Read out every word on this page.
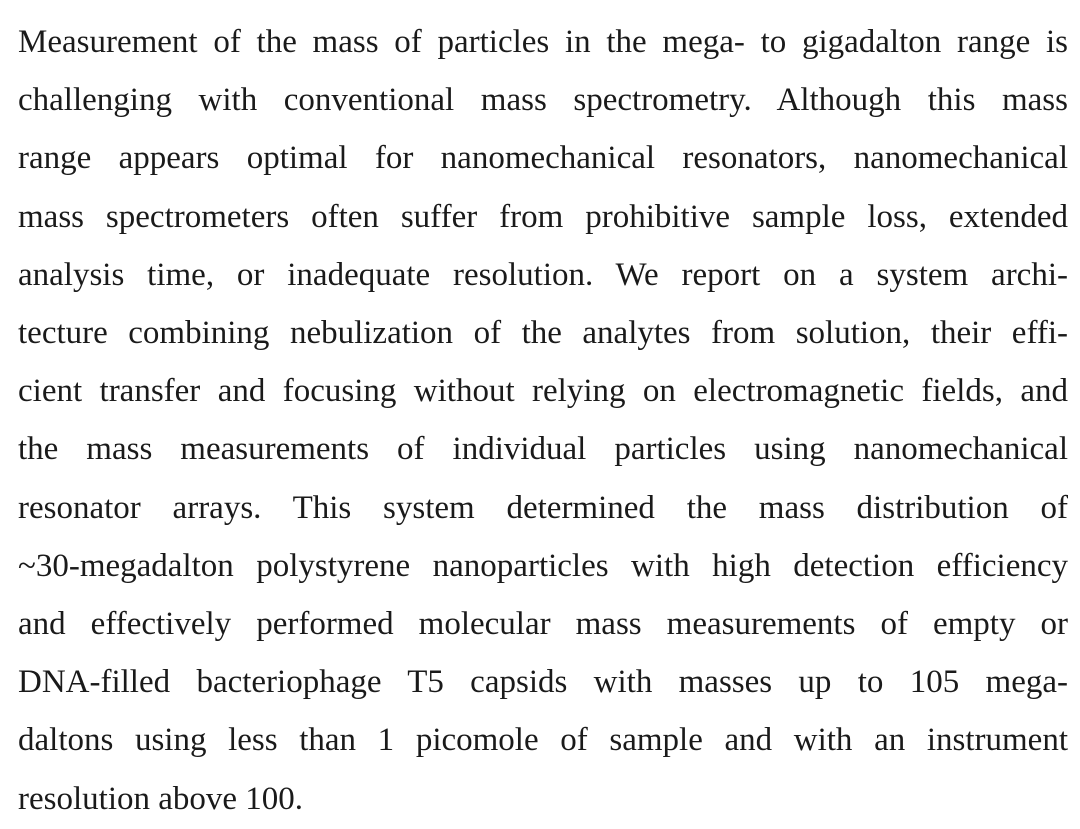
Measurement of the mass of particles in the mega- to gigadalton range is
challenging with conventional mass spectrometry. Although this mass
range appears optimal for nanomechanical resonators, nanomechanical
mass spectrometers often suffer from prohibitive sample loss, extended
analysis time, or inadequate resolution. We report on a system archi-
tecture combining nebulization of the analytes from solution, their effi-
cient transfer and focusing without relying on electromagnetic fields, and
the mass measurements of individual particles using nanomechanical
resonator arrays. This system determined the mass distribution of
~30-megadalton polystyrene nanoparticles with high detection efficiency
and effectively performed molecular mass measurements of empty or
DNA-filled bacteriophage T5 capsids with masses up to 105 mega-
daltons using less than 1 picomole of sample and with an instrument
resolution above 100.
